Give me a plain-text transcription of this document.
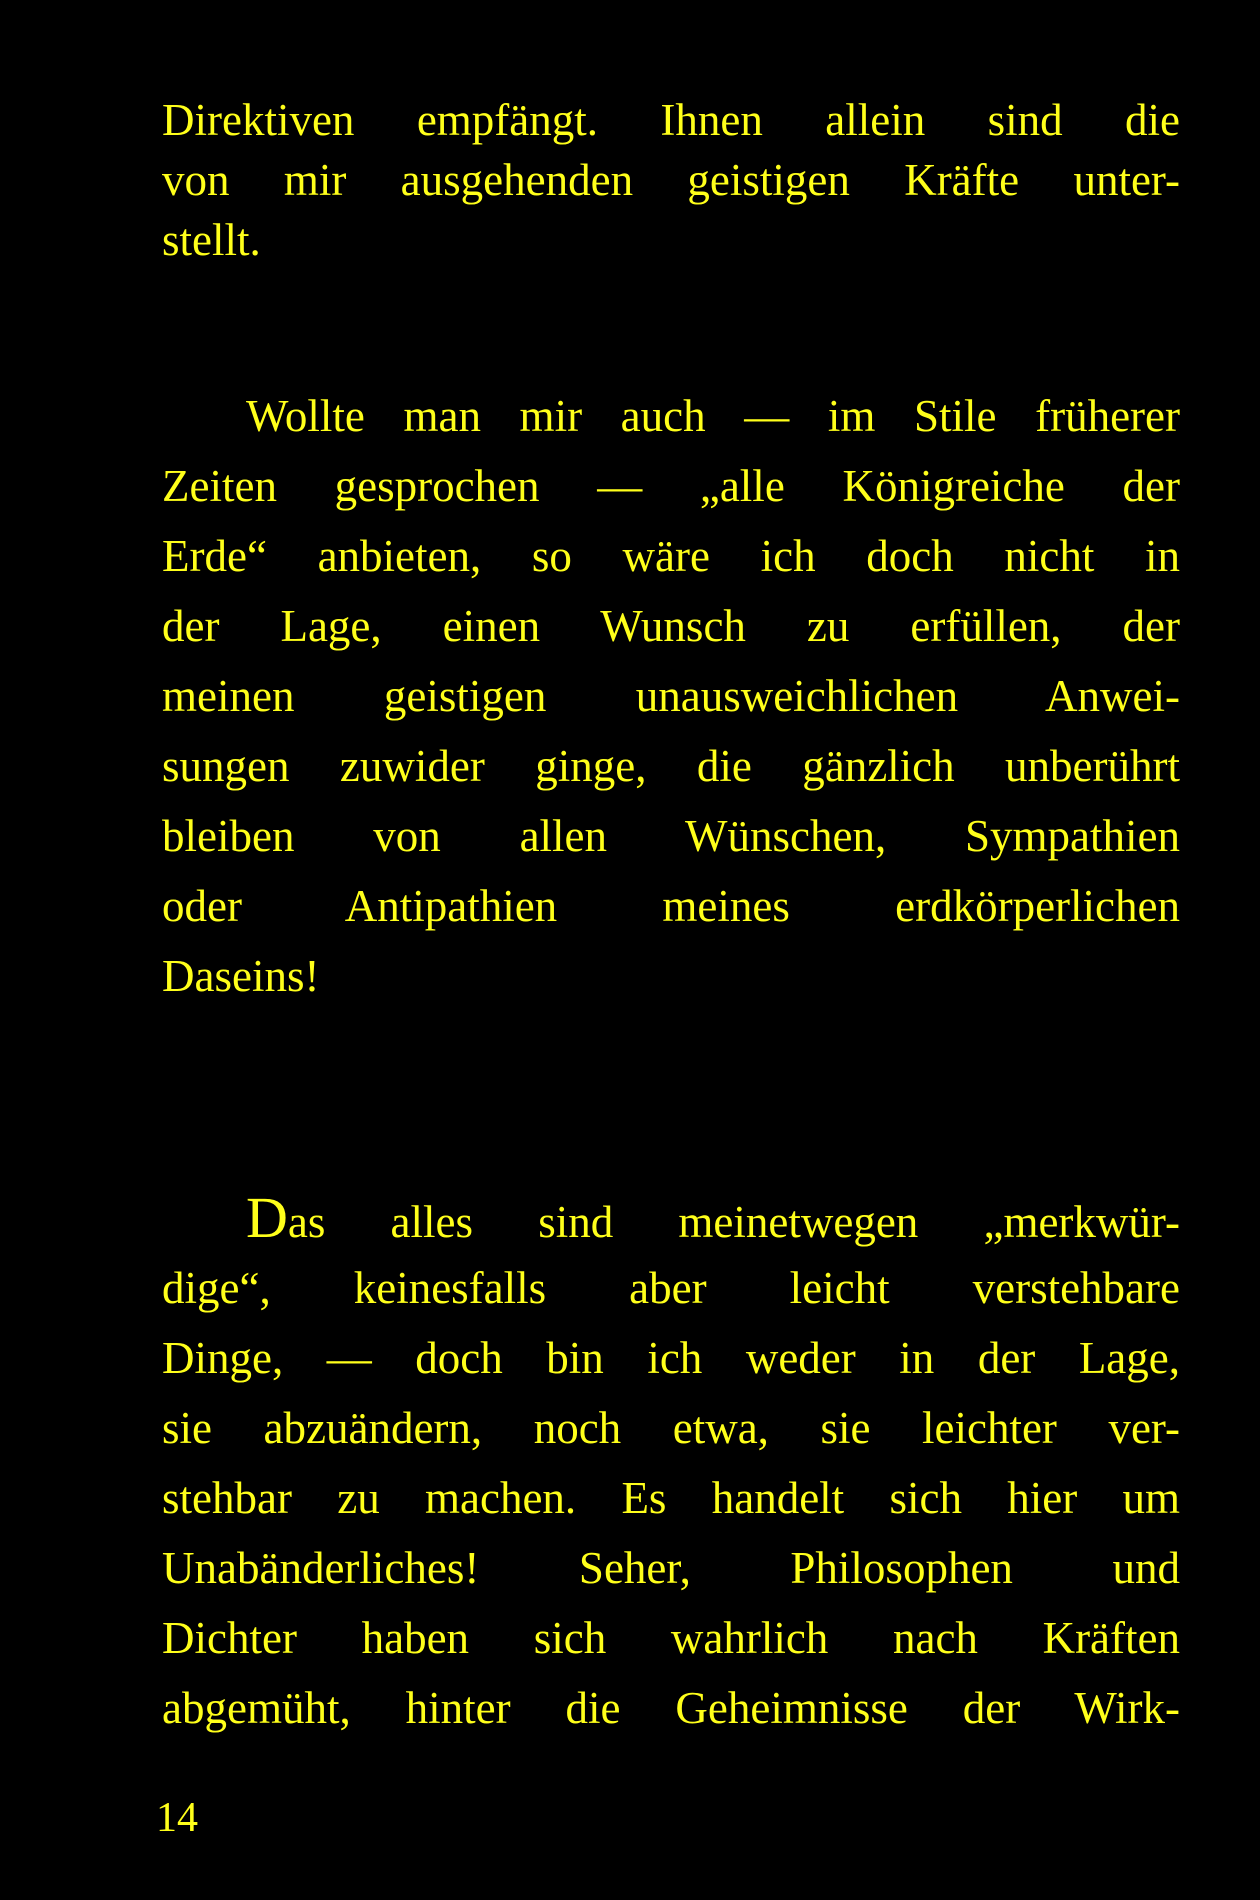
Direktiven empfängt. Ihnen allein sind die

von mir ausgehenden geistigen Kräfte unter-

stellt.

Wollte man mir auch — im Stile früherer

Zeiten gesprochen — „alle Königreiche der

Erde“ anbieten, so wäre ich doch nicht in

der Lage, einen Wunsch zu erfüllen, der

meinen geistigen unausweichlichen Anwei-

sungen zuwider ginge, die gänzlich unberührt

bleiben von allen Wünschen, Sympathien

oder Antipathien meines erdkörperlichen

Daseins!

Das alles sind meinetwegen „merkwür-

dige“, keinesfalls aber leicht verstehbare

Dinge, — doch bin ich weder in der Lage,

sie abzuändern, noch etwa, sie leichter ver-

stehbar zu machen. Es handelt sich hier um

Unabänderliches! Seher, Philosophen und

Dichter haben sich wahrlich nach Kräften

abgemüht, hinter die Geheimnisse der Wirk-

14
